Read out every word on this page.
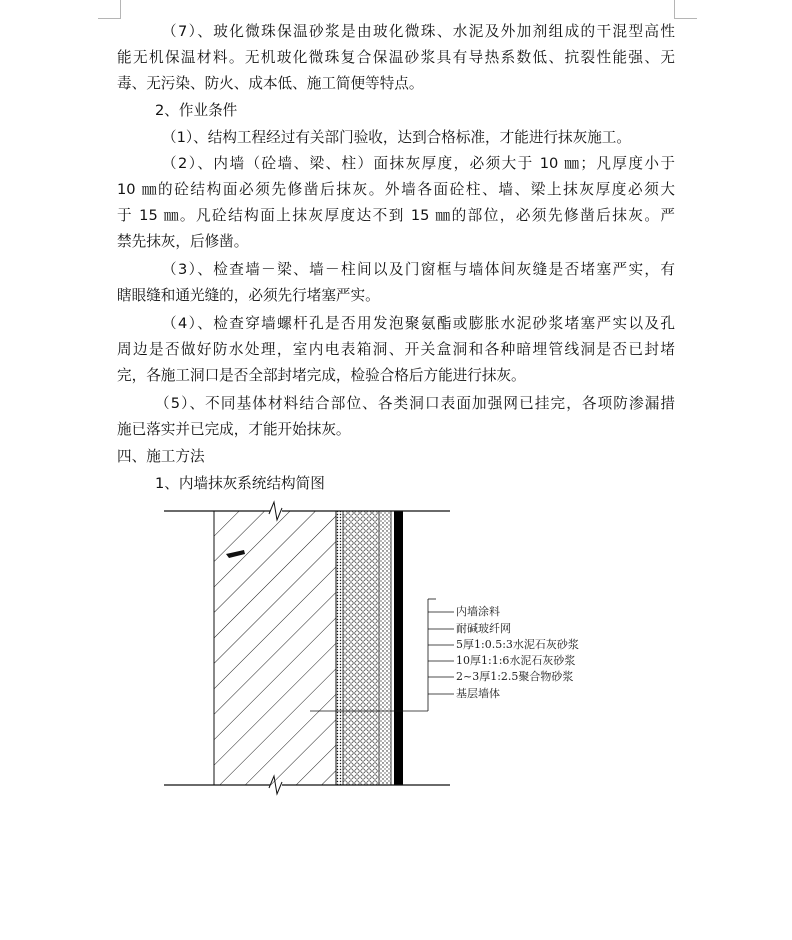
（7）、玻化微珠保温砂浆是由玻化微珠、水泥及外加剂组成的干混型高性
能无机保温材料。无机玻化微珠复合保温砂浆具有导热系数低、抗裂性能强、无
毒、无污染、防火、成本低、施工简便等特点。
2、作业条件
（1）、结构工程经过有关部门验收，达到合格标准，才能进行抹灰施工。
（2）、内墙（砼墙、梁、柱）面抹灰厚度，必须大于 10 ㎜；凡厚度小于
10 ㎜的砼结构面必须先修凿后抹灰。外墙各面砼柱、墙、梁上抹灰厚度必须大
于 15 ㎜。凡砼结构面上抹灰厚度达不到 15 ㎜的部位，必须先修凿后抹灰。严
禁先抹灰，后修凿。
（3）、检查墙－梁、墙－柱间以及门窗框与墙体间灰缝是否堵塞严实，有
瞎眼缝和通光缝的，必须先行堵塞严实。
（4）、检查穿墙螺杆孔是否用发泡聚氨酯或膨胀水泥砂浆堵塞严实以及孔
周边是否做好防水处理，室内电表箱洞、开关盒洞和各种暗埋管线洞是否已封堵
完，各施工洞口是否全部封堵完成，检验合格后方能进行抹灰。
（5）、不同基体材料结合部位、各类洞口表面加强网已挂完，各项防渗漏措
施已落实并已完成，才能开始抹灰。
四、施工方法
1、内墙抹灰系统结构简图
内墙涂料
耐碱玻纤网
5厚1:0.5:3水泥石灰砂浆
10厚1:1:6水泥石灰砂浆
2~3厚1:2.5聚合物砂浆
基层墙体
